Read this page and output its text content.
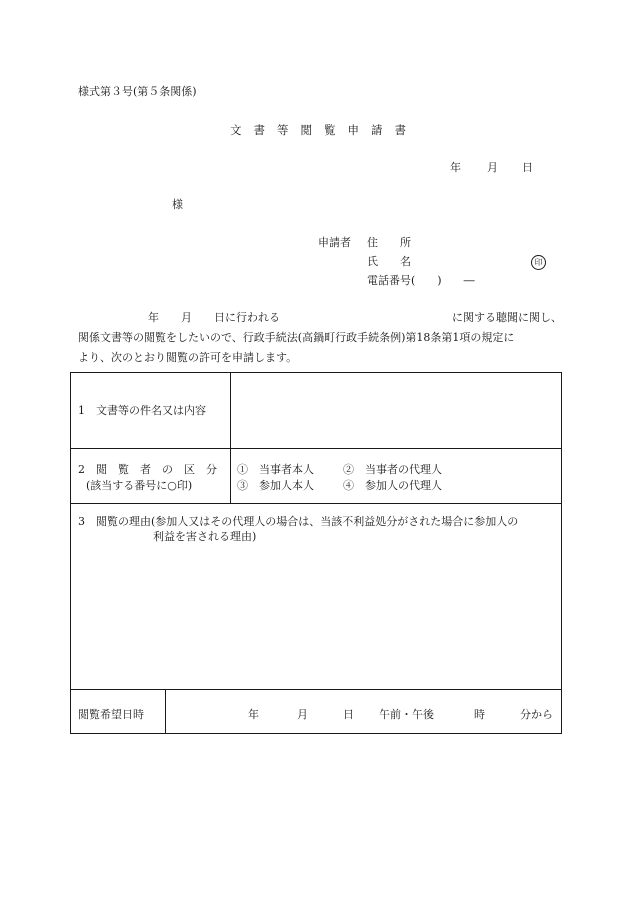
様式第３号(第５条関係)
文書等閲覧申請書
年 月 日
様
申請者 住　　所
氏　　名	印
電話番号(　　)　　―
年　　月　　日に行われる	に関する聴聞に関し、
関係文書等の閲覧をしたいので、行政手続法(高鍋町行政手続条例)第18条第1項の規定に
より、次のとおり閲覧の許可を申請します。
1　文書等の件名又は内容
2　閲　覧　者　の　区　分
(該当する番号に○印)
①　当事者本人	②　当事者の代理人
③　参加人本人	④　参加人の代理人
3　閲覧の理由(参加人又はその代理人の場合は、当該不利益処分がされた場合に参加人の
利益を害される理由)
閲覧希望日時	年	月	日 午前・午後	時	分から
